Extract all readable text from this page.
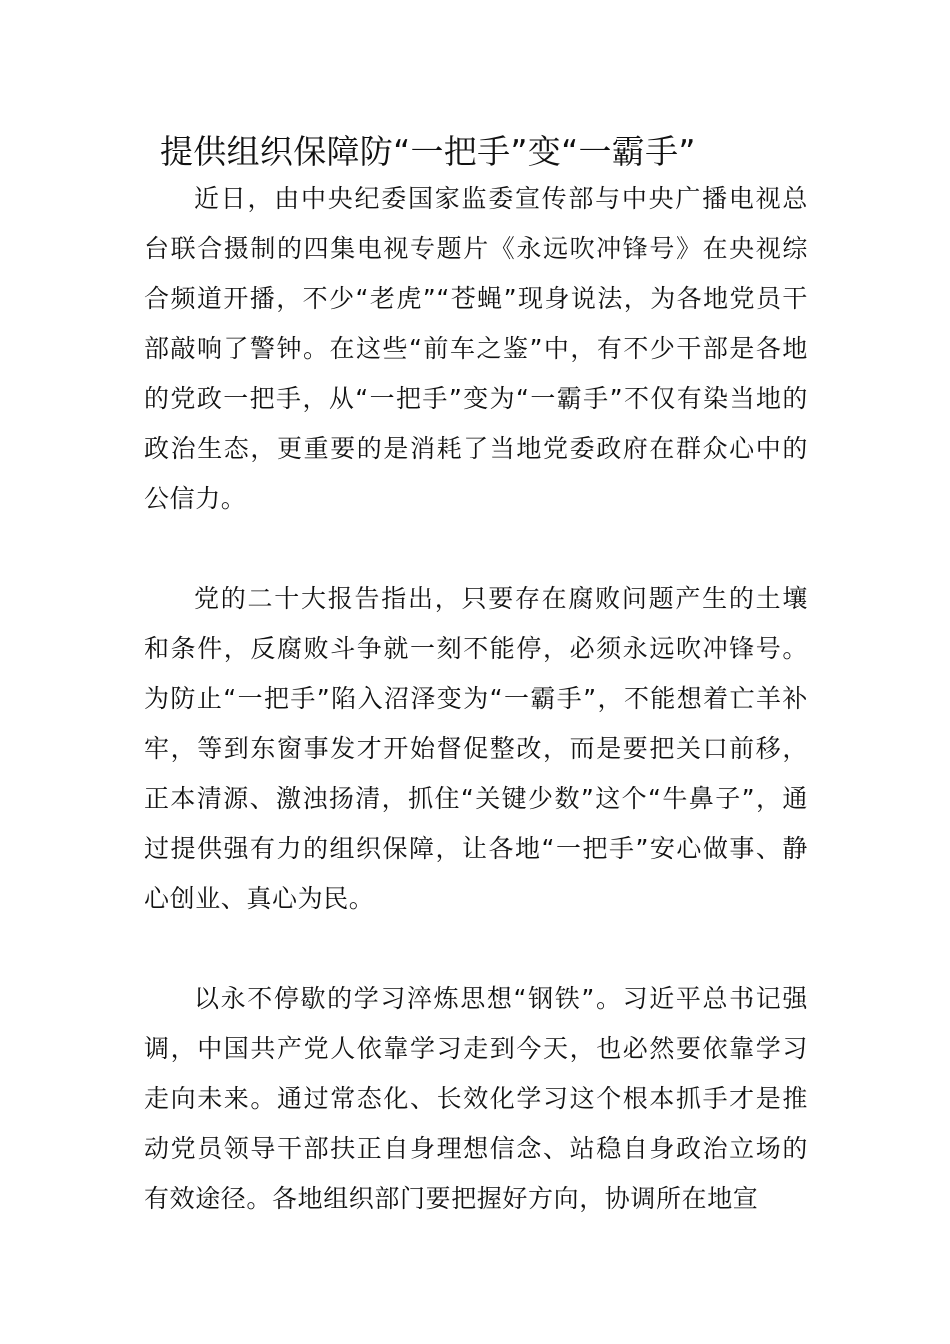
提供组织保障防“一把手”变“一霸手”

近日，由中央纪委国家监委宣传部与中央广播电视总台联合摄制的四集电视专题片《永远吹冲锋号》在央视综合频道开播，不少“老虎”“苍蝇”现身说法，为各地党员干部敲响了警钟。在这些“前车之鉴”中，有不少干部是各地的党政一把手，从“一把手”变为“一霸手”不仅有染当地的政治生态，更重要的是消耗了当地党委政府在群众心中的公信力。

党的二十大报告指出，只要存在腐败问题产生的土壤和条件，反腐败斗争就一刻不能停，必须永远吹冲锋号。为防止“一把手”陷入沼泽变为“一霸手”，不能想着亡羊补牢，等到东窗事发才开始督促整改，而是要把关口前移，正本清源、激浊扬清，抓住“关键少数”这个“牛鼻子”，通过提供强有力的组织保障，让各地“一把手”安心做事、静心创业、真心为民。

以永不停歇的学习淬炼思想“钢铁”。习近平总书记强调，中国共产党人依靠学习走到今天，也必然要依靠学习走向未来。通过常态化、长效化学习这个根本抓手才是推动党员领导干部扶正自身理想信念、站稳自身政治立场的有效途径。各地组织部门要把握好方向，协调所在地宣
